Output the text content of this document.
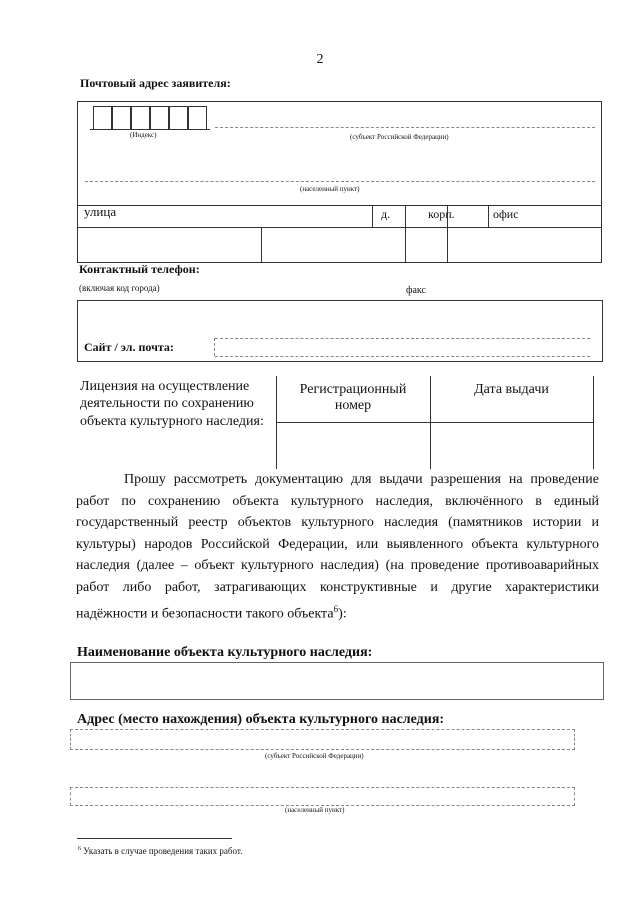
2
Почтовый адрес заявителя:
(Индекс)	(субъект Российской Федерации)
(населенный пункт)
улица	д.	корп.	офис
Контактный телефон:
(включая код города)	факс
Сайт / эл. почта:
Лицензия на осуществление деятельности по сохранению объекта культурного наследия:
Регистрационный номер
Дата выдачи
Прошу рассмотреть документацию для выдачи разрешения на проведение работ по сохранению объекта культурного наследия, включённого в единый государственный реестр объектов культурного наследия (памятников истории и культуры) народов Российской Федерации, или выявленного объекта культурного наследия (далее – объект культурного наследия) (на проведение противоаварийных работ либо работ, затрагивающих конструктивные и другие характеристики надёжности и безопасности такого объекта$^6$):
Наименование объекта культурного наследия:
Адрес (место нахождения) объекта культурного наследия:
(субъект Российской Федерации)
(населенный пункт)
$^6$ Указать в случае проведения таких работ.
